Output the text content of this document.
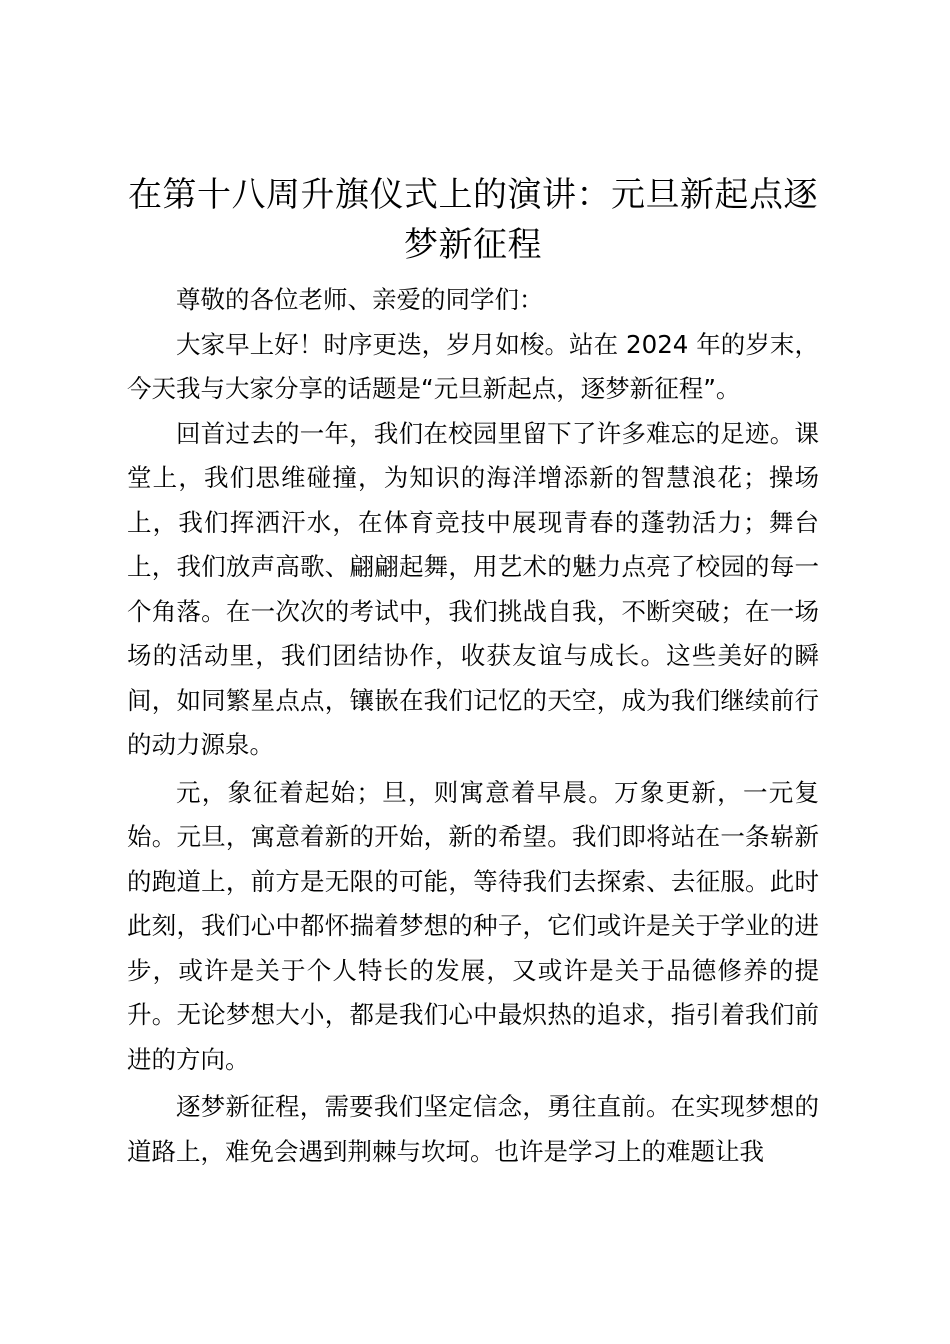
在第十八周升旗仪式上的演讲：元旦新起点逐梦新征程

尊敬的各位老师、亲爱的同学们：

大家早上好！时序更迭，岁月如梭。站在 2024 年的岁末，今天我与大家分享的话题是“元旦新起点，逐梦新征程”。

回首过去的一年，我们在校园里留下了许多难忘的足迹。课堂上，我们思维碰撞，为知识的海洋增添新的智慧浪花；操场上，我们挥洒汗水，在体育竞技中展现青春的蓬勃活力；舞台上，我们放声高歌、翩翩起舞，用艺术的魅力点亮了校园的每一个角落。在一次次的考试中，我们挑战自我，不断突破；在一场场的活动里，我们团结协作，收获友谊与成长。这些美好的瞬间，如同繁星点点，镶嵌在我们记忆的天空，成为我们继续前行的动力源泉。

元，象征着起始；旦，则寓意着早晨。万象更新，一元复始。元旦，寓意着新的开始，新的希望。我们即将站在一条崭新的跑道上，前方是无限的可能，等待我们去探索、去征服。此时此刻，我们心中都怀揣着梦想的种子，它们或许是关于学业的进步，或许是关于个人特长的发展，又或许是关于品德修养的提升。无论梦想大小，都是我们心中最炽热的追求，指引着我们前进的方向。

逐梦新征程，需要我们坚定信念，勇往直前。在实现梦想的道路上，难免会遇到荆棘与坎坷。也许是学习上的难题让我
